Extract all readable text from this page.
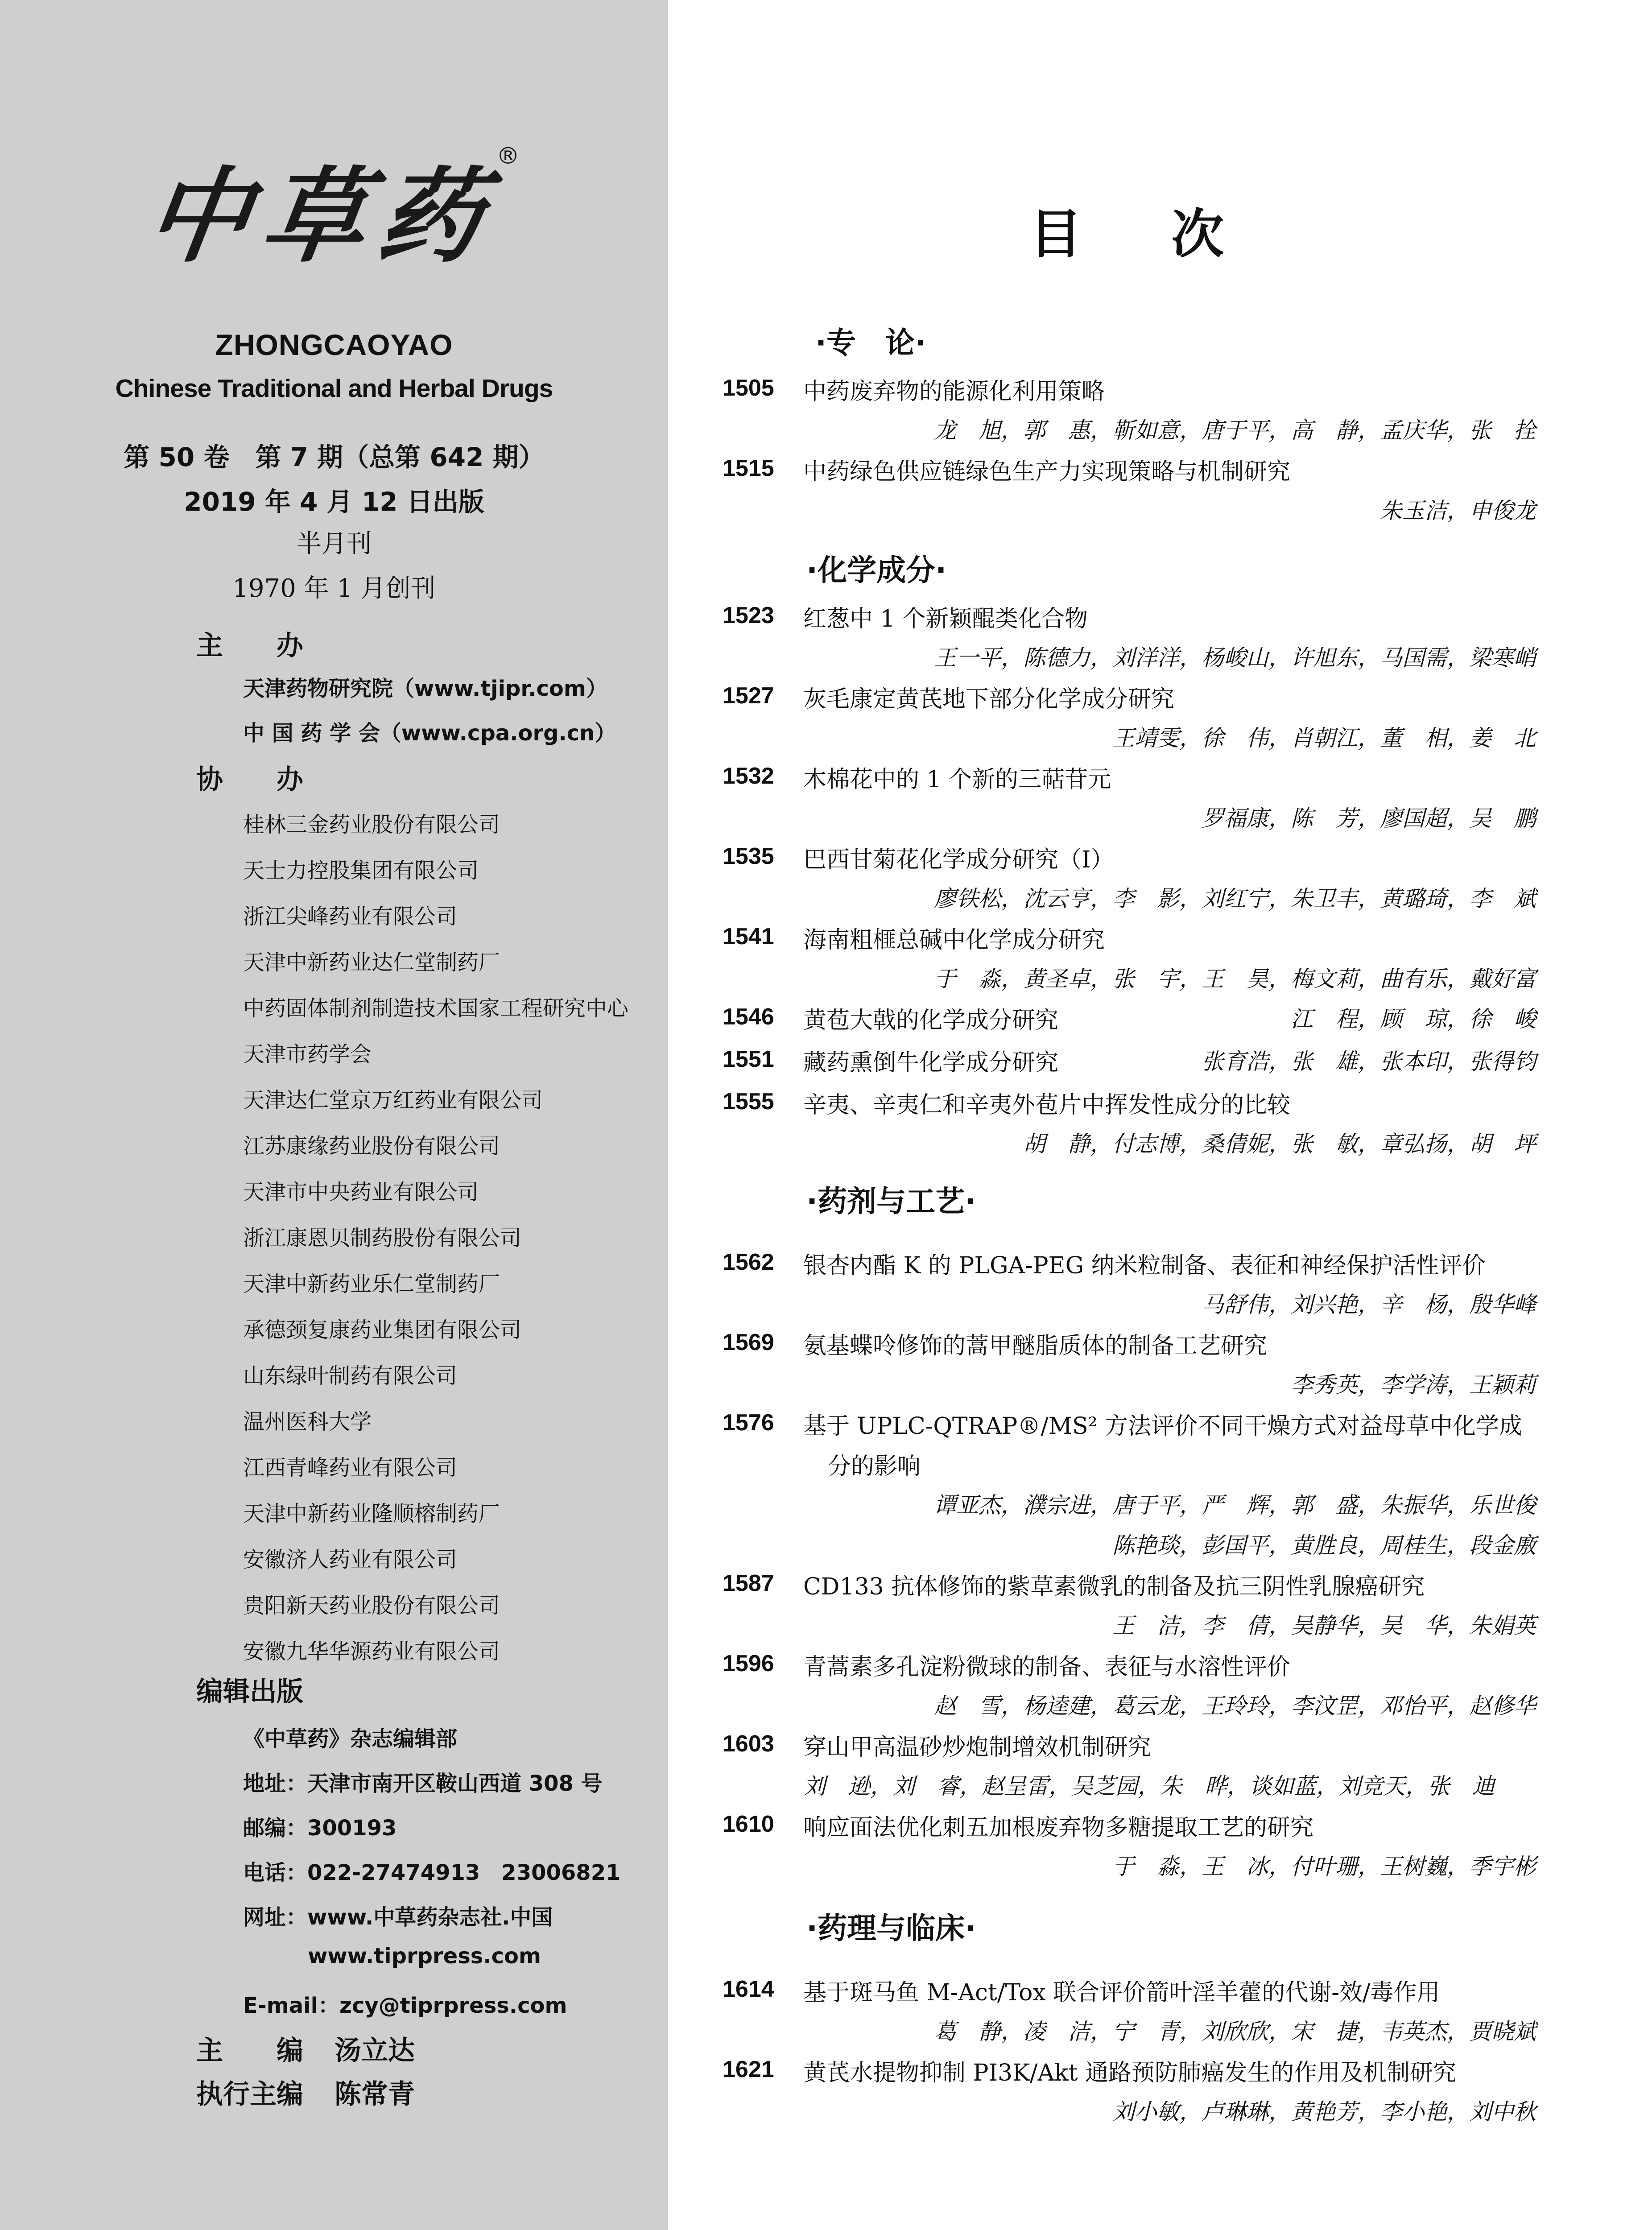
中草药®
ZHONGCAOYAO
Chinese Traditional and Herbal Drugs
第 50 卷　第 7 期（总第 642 期）
2019 年 4 月 12 日出版
半月刊
1970 年 1 月创刊
主　　办
天津药物研究院（www.tjipr.com）
中 国 药 学 会（www.cpa.org.cn）
协　　办
桂林三金药业股份有限公司
天士力控股集团有限公司
浙江尖峰药业有限公司
天津中新药业达仁堂制药厂
中药固体制剂制造技术国家工程研究中心
天津市药学会
天津达仁堂京万红药业有限公司
江苏康缘药业股份有限公司
天津市中央药业有限公司
浙江康恩贝制药股份有限公司
天津中新药业乐仁堂制药厂
承德颈复康药业集团有限公司
山东绿叶制药有限公司
温州医科大学
江西青峰药业有限公司
天津中新药业隆顺榕制药厂
安徽济人药业有限公司
贵阳新天药业股份有限公司
安徽九华华源药业有限公司
编辑出版
《中草药》杂志编辑部
地址：天津市南开区鞍山西道 308 号
邮编：300193
电话：022-27474913　23006821
网址：www.中草药杂志社.中国
www.tiprpress.com
E-mail：zcy@tiprpress.com
主　　编 汤立达
执行主编 陈常青
目次
·专　论·
1505	中药废弃物的能源化利用策略
龙　旭，郭　惠，靳如意，唐于平，高　静，孟庆华，张　拴
1515	中药绿色供应链绿色生产力实现策略与机制研究
朱玉洁，申俊龙
·化学成分·
1523	红葱中 1 个新颖醌类化合物
王一平，陈德力，刘洋洋，杨峻山，许旭东，马国需，梁寒峭
1527	灰毛康定黄芪地下部分化学成分研究
王靖雯，徐　伟，肖朝江，董　相，姜　北
1532	木棉花中的 1 个新的三萜苷元
罗福康，陈　芳，廖国超，吴　鹏
1535	巴西甘菊花化学成分研究（I）
廖铁松，沈云亨，李　影，刘红宁，朱卫丰，黄璐琦，李　斌
1541	海南粗榧总碱中化学成分研究
于　淼，黄圣卓，张　宇，王　昊，梅文莉，曲有乐，戴好富
1546	黄苞大戟的化学成分研究	江　程，顾　琼，徐　峻
1551	藏药熏倒牛化学成分研究	张育浩，张　雄，张本印，张得钧
1555	辛夷、辛夷仁和辛夷外苞片中挥发性成分的比较
胡　静，付志博，桑倩妮，张　敏，章弘扬，胡　坪
·药剂与工艺·
1562	银杏内酯 K 的 PLGA-PEG 纳米粒制备、表征和神经保护活性评价
马舒伟，刘兴艳，辛　杨，殷华峰
1569	氨基蝶呤修饰的蒿甲醚脂质体的制备工艺研究
李秀英，李学涛，王颖莉
1576	基于 UPLC-QTRAP®/MS² 方法评价不同干燥方式对益母草中化学成
分的影响
谭亚杰，濮宗进，唐于平，严　辉，郭　盛，朱振华，乐世俊
陈艳琰，彭国平，黄胜良，周桂生，段金廒
1587	CD133 抗体修饰的紫草素微乳的制备及抗三阴性乳腺癌研究
王　洁，李　倩，吴静华，吴　华，朱娟英
1596	青蒿素多孔淀粉微球的制备、表征与水溶性评价
赵　雪，杨逵建，葛云龙，王玲玲，李汶罡，邓怡平，赵修华
1603	穿山甲高温砂炒炮制增效机制研究
刘　逊，刘　睿，赵呈雷，吴芝园，朱　晔，谈如蓝，刘竞天，张　迪
1610	响应面法优化刺五加根废弃物多糖提取工艺的研究
于　淼，王　冰，付叶珊，王树巍，季宇彬
·药理与临床·
1614	基于斑马鱼 M-Act/Tox 联合评价箭叶淫羊藿的代谢-效/毒作用
葛　静，凌　洁，宁　青，刘欣欣，宋　捷，韦英杰，贾晓斌
1621	黄芪水提物抑制 PI3K/Akt 通路预防肺癌发生的作用及机制研究
刘小敏，卢琳琳，黄艳芳，李小艳，刘中秋
